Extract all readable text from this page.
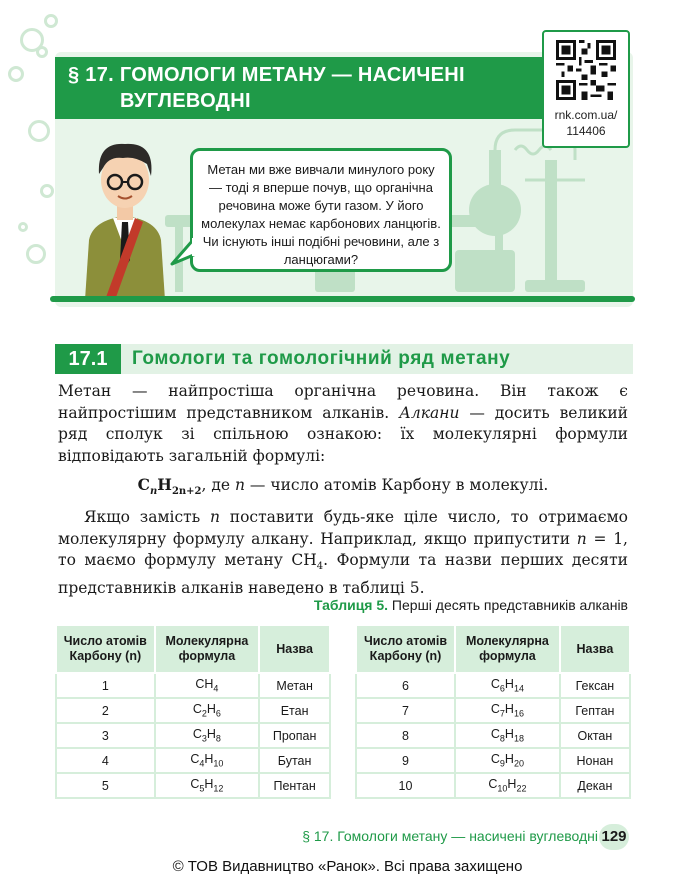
§ 17. ГОМОЛОГИ МЕТАНУ — НАСИЧЕНІ
ВУГЛЕВОДНІ
rnk.com.ua/
114406
Метан ми вже вивчали минулого року — тоді я вперше почув, що органічна речовина може бути газом. У його молекулах немає карбонових ланцюгів. Чи існують інші подібні речовини, але з ланцюгами?
17.1	Гомологи та гомологічний ряд метану
Метан — найпростіша органічна речовина. Він також є найпростішим представником алканів. Алкани — досить великий ряд сполук зі спільною ознакою: їх молекулярні формули відповідають загальній формулі:
$C_nH_{2n+2}$, де n — число атомів Карбону в молекулі.
Якщо замість n поставити будь-яке ціле число, то отримаємо молекулярну формулу алкану. Наприклад, якщо припустити n = 1, то маємо формулу метану $CH_4$. Формули та назви перших десяти представників алканів наведено в таблиці 5.
Таблиця 5. Перші десять представників алканів
Число атомів Карбону (n)	Молекулярна формула	Назва
1	$CH_4$	Метан
2	$C_2H_6$	Етан
3	$C_3H_8$	Пропан
4	$C_4H_{10}$	Бутан
5	$C_5H_{12}$	Пентан
Число атомів Карбону (n)	Молекулярна формула	Назва
6	$C_6H_{14}$	Гексан
7	$C_7H_{16}$	Гептан
8	$C_8H_{18}$	Октан
9	$C_9H_{20}$	Нонан
10	$C_{10}H_{22}$	Декан
§ 17. Гомологи метану — насичені вуглеводні 129
© ТОВ Видавництво «Ранок». Всі права захищено
